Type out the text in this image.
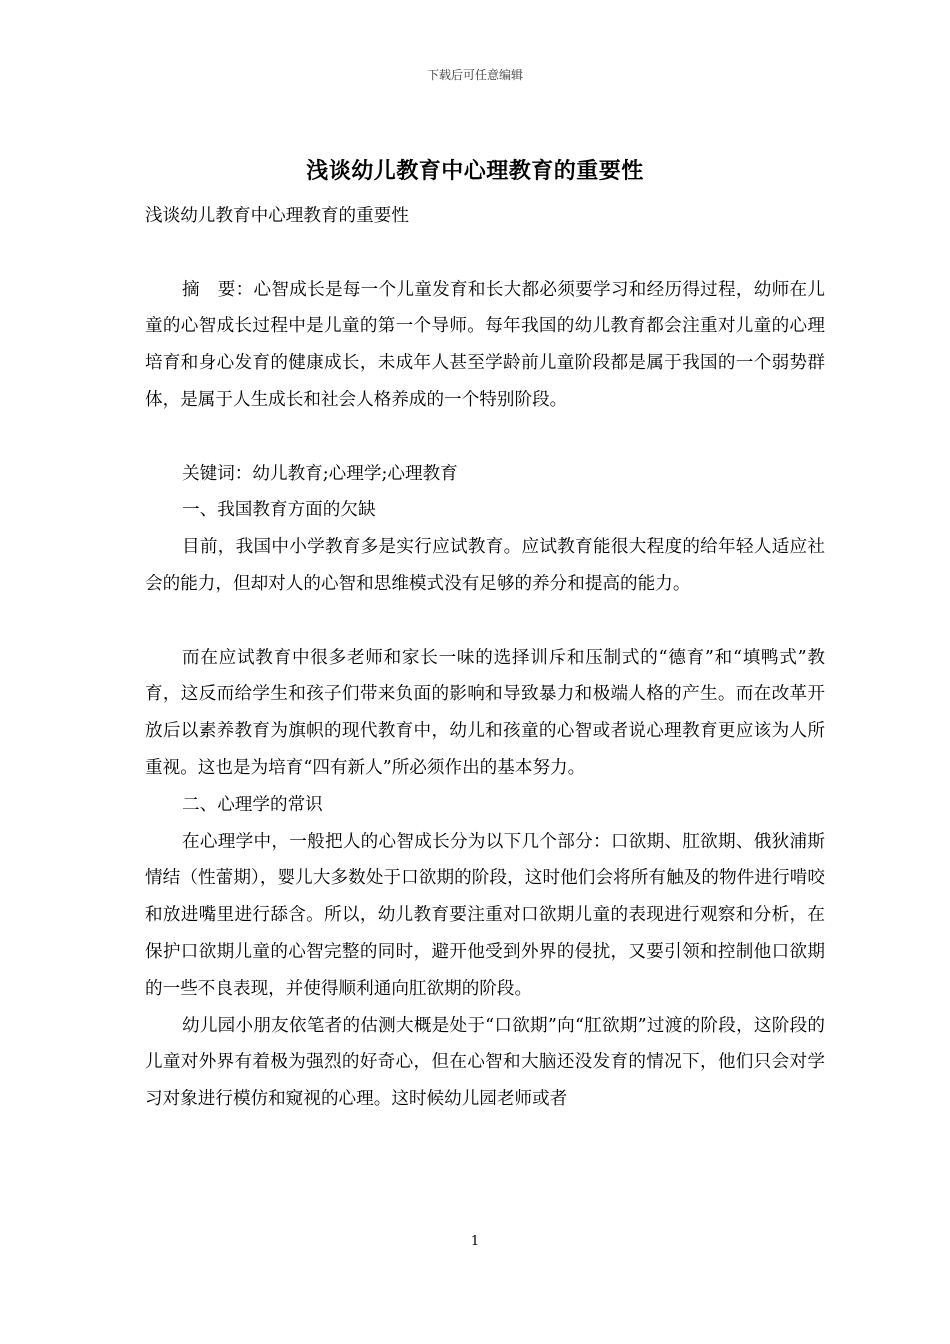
下载后可任意编辑
浅谈幼儿教育中心理教育的重要性

浅谈幼儿教育中心理教育的重要性

摘　要：心智成长是每一个儿童发育和长大都必须要学习和经历得过程，幼师在儿童的心智成长过程中是儿童的第一个导师。每年我国的幼儿教育都会注重对儿童的心理培育和身心发育的健康成长，未成年人甚至学龄前儿童阶段都是属于我国的一个弱势群体，是属于人生成长和社会人格养成的一个特别阶段。

关键词：幼儿教育;心理学;心理教育

一、我国教育方面的欠缺

目前，我国中小学教育多是实行应试教育。应试教育能很大程度的给年轻人适应社会的能力，但却对人的心智和思维模式没有足够的养分和提高的能力。

而在应试教育中很多老师和家长一味的选择训斥和压制式的“德育”和“填鸭式”教育，这反而给学生和孩子们带来负面的影响和导致暴力和极端人格的产生。而在改革开放后以素养教育为旗帜的现代教育中，幼儿和孩童的心智或者说心理教育更应该为人所重视。这也是为培育“四有新人”所必须作出的基本努力。

二、心理学的常识

在心理学中，一般把人的心智成长分为以下几个部分：口欲期、肛欲期、俄狄浦斯情结（性蕾期），婴儿大多数处于口欲期的阶段，这时他们会将所有触及的物件进行啃咬和放进嘴里进行舔含。所以，幼儿教育要注重对口欲期儿童的表现进行观察和分析，在保护口欲期儿童的心智完整的同时，避开他受到外界的侵扰，又要引领和控制他口欲期的一些不良表现，并使得顺利通向肛欲期的阶段。

幼儿园小朋友依笔者的估测大概是处于“口欲期”向“肛欲期”过渡的阶段，这阶段的儿童对外界有着极为强烈的好奇心，但在心智和大脑还没发育的情况下，他们只会对学习对象进行模仿和窥视的心理。这时候幼儿园老师或者

1
